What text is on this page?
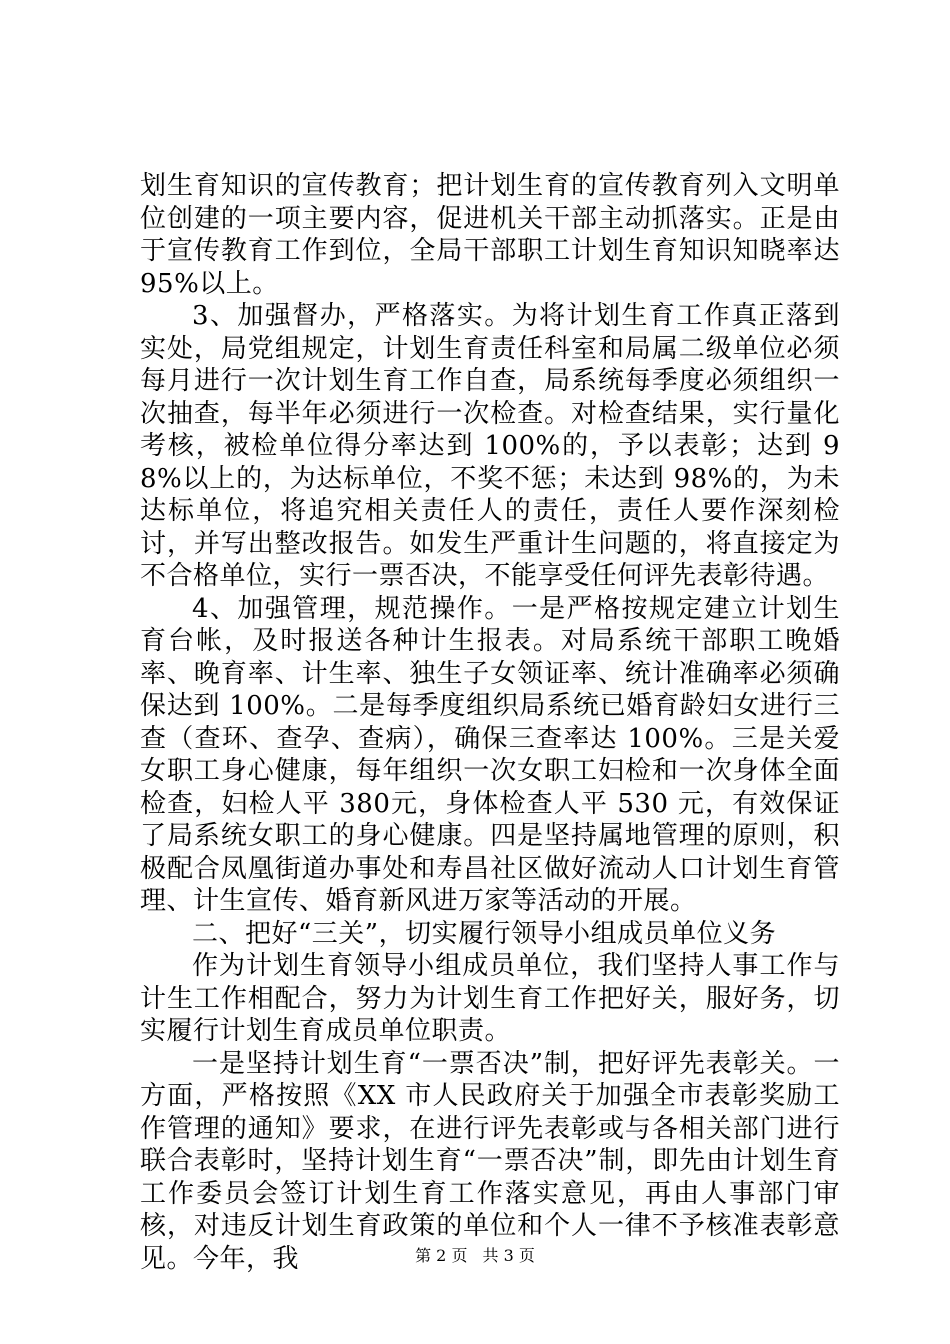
划生育知识的宣传教育；把计划生育的宣传教育列入文明单位创建的一项主要内容，促进机关干部主动抓落实。正是由于宣传教育工作到位，全局干部职工计划生育知识知晓率达 95%以上。

3、加强督办，严格落实。为将计划生育工作真正落到实处，局党组规定，计划生育责任科室和局属二级单位必须每月进行一次计划生育工作自查，局系统每季度必须组织一次抽查，每半年必须进行一次检查。对检查结果，实行量化考核，被检单位得分率达到 100%的，予以表彰；达到 98%以上的，为达标单位，不奖不惩；未达到 98%的，为未达标单位，将追究相关责任人的责任，责任人要作深刻检讨，并写出整改报告。如发生严重计生问题的，将直接定为不合格单位，实行一票否决，不能享受任何评先表彰待遇。

4、加强管理，规范操作。一是严格按规定建立计划生育台帐，及时报送各种计生报表。对局系统干部职工晚婚率、晚育率、计生率、独生子女领证率、统计准确率必须确保达到 100%。二是每季度组织局系统已婚育龄妇女进行三查（查环、查孕、查病），确保三查率达 100%。三是关爱女职工身心健康，每年组织一次女职工妇检和一次身体全面检查，妇检人平 380元，身体检查人平 530 元，有效保证了局系统女职工的身心健康。四是坚持属地管理的原则，积极配合凤凰街道办事处和寿昌社区做好流动人口计划生育管理、计生宣传、婚育新风进万家等活动的开展。

二、把好“三关”，切实履行领导小组成员单位义务

作为计划生育领导小组成员单位，我们坚持人事工作与计生工作相配合，努力为计划生育工作把好关，服好务，切实履行计划生育成员单位职责。

一是坚持计划生育“一票否决”制，把好评先表彰关。一方面，严格按照《XX 市人民政府关于加强全市表彰奖励工作管理的通知》要求，在进行评先表彰或与各相关部门进行联合表彰时，坚持计划生育“一票否决”制，即先由计划生育工作委员会签订计划生育工作落实意见，再由人事部门审核，对违反计划生育政策的单位和个人一律不予核准表彰意见。今年，我	第 2 页 共 3 页
